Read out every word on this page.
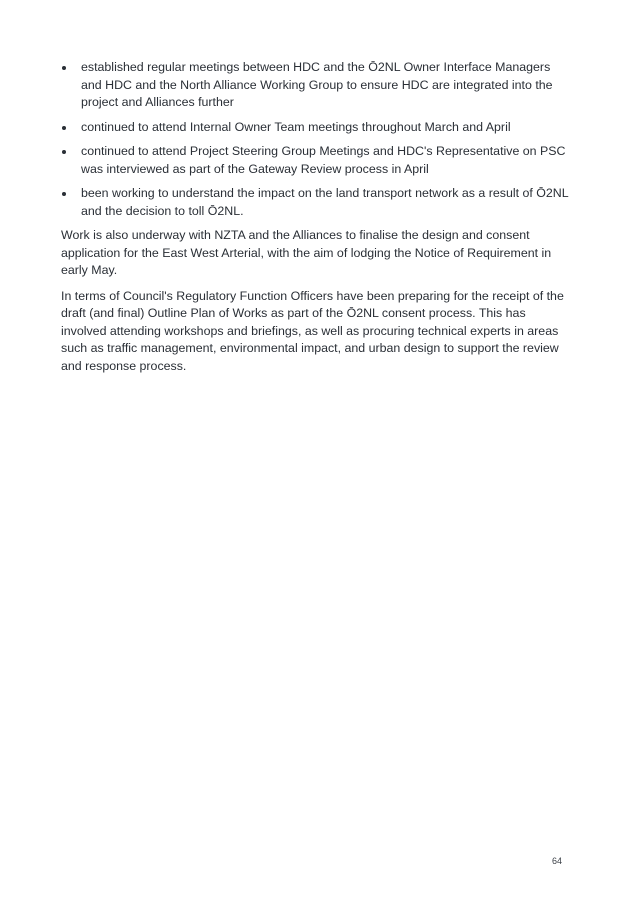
established regular meetings between HDC and the Ō2NL Owner Interface Managers and HDC and the North Alliance Working Group to ensure HDC are integrated into the project and Alliances further
continued to attend Internal Owner Team meetings throughout March and April
continued to attend Project Steering Group Meetings and HDC's Representative on PSC was interviewed as part of the Gateway Review process in April
been working to understand the impact on the land transport network as a result of Ō2NL and the decision to toll Ō2NL.

Work is also underway with NZTA and the Alliances to finalise the design and consent application for the East West Arterial, with the aim of lodging the Notice of Requirement in early May.

In terms of Council's Regulatory Function Officers have been preparing for the receipt of the draft (and final) Outline Plan of Works as part of the Ō2NL consent process. This has involved attending workshops and briefings, as well as procuring technical experts in areas such as traffic management, environmental impact, and urban design to support the review and response process.

64
